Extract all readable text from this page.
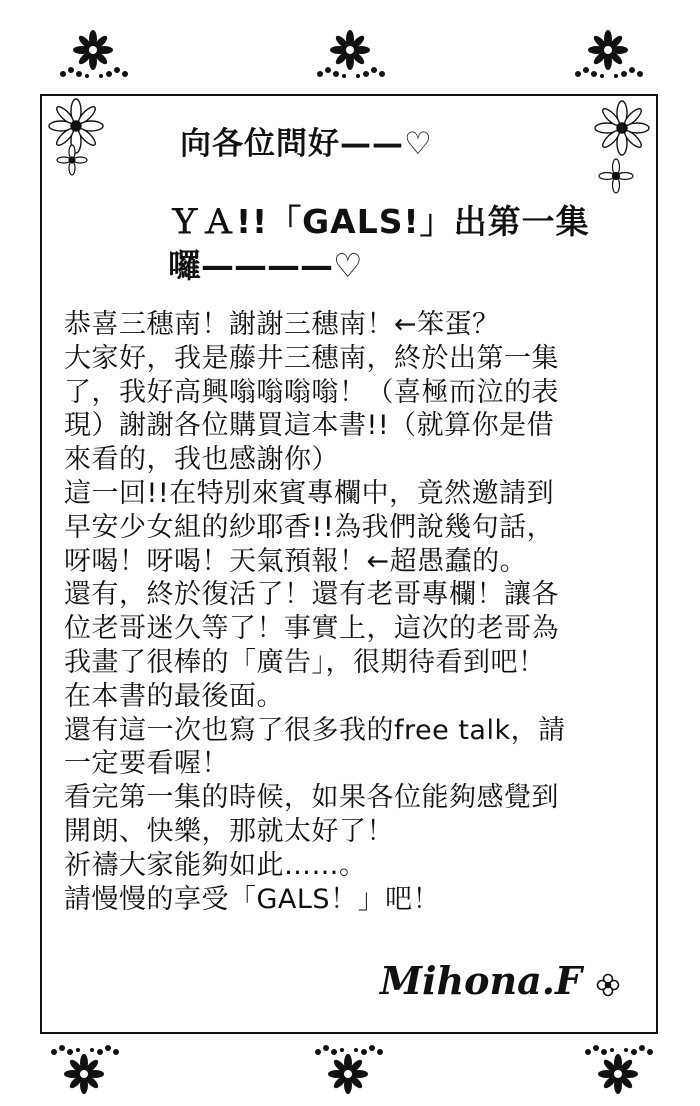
向各位問好——♡
ＹＡ!!「GALS!」出第一集
囉————♡
恭喜三穗南！謝謝三穗南！←笨蛋？
大家好，我是藤井三穗南，終於出第一集
了，我好高興嗡嗡嗡嗡！（喜極而泣的表
現）謝謝各位購買這本書!!（就算你是借
來看的，我也感謝你）
這一回!!在特別來賓專欄中，竟然邀請到
早安少女組的紗耶香!!為我們說幾句話，
呀喝！呀喝！天氣預報！←超愚蠢的。
還有，終於復活了！還有老哥專欄！讓各
位老哥迷久等了！事實上，這次的老哥為
我畫了很棒的「廣告」，很期待看到吧！
在本書的最後面。
還有這一次也寫了很多我的free talk，請
一定要看喔！
看完第一集的時候，如果各位能夠感覺到
開朗、快樂，那就太好了！
祈禱大家能夠如此……。
請慢慢的享受「GALS！」吧！
Mihona.F
